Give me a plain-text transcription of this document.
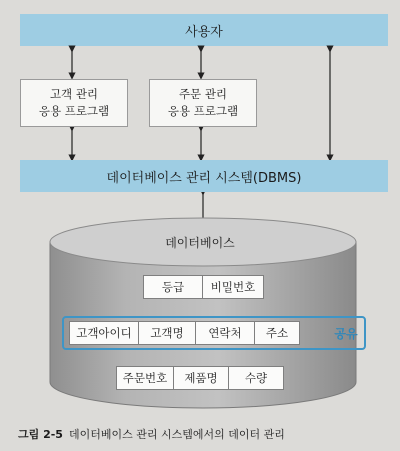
사용자
고객 관리
응용 프로그램
주문 관리
응용 프로그램
데이터베이스 관리 시스템(DBMS)
데이터베이스
등급	비밀번호
고객아이디	고객명	연락처	주소	공유
주문번호	제품명	수량
그림 2-5 데이터베이스 관리 시스템에서의 데이터 관리
